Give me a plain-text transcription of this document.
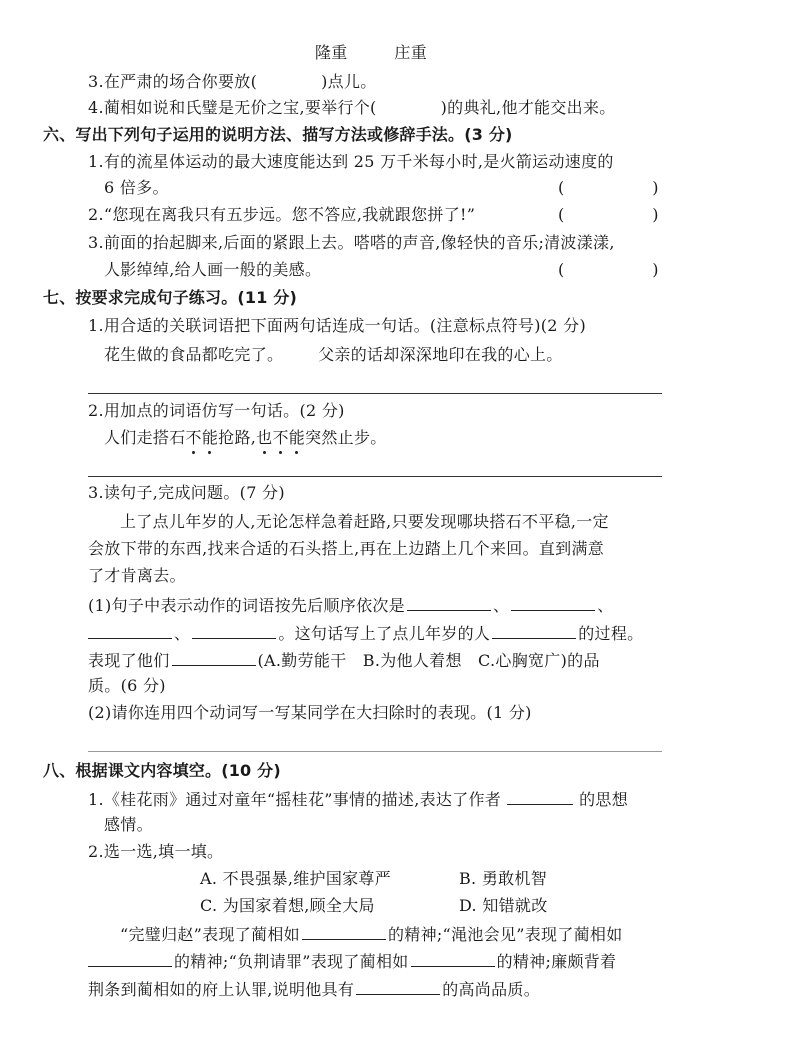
隆重	庄重
3.在严肃的场合你要放(	)点儿。
4.蔺相如说和氏璧是无价之宝,要举行个(	)的典礼,他才能交出来。
六、写出下列句子运用的说明方法、描写方法或修辞手法。(3 分)
1.有的流星体运动的最大速度能达到 25 万千米每小时,是火箭运动速度的
6 倍多。	(	)
2.“您现在离我只有五步远。您不答应,我就跟您拼了!”	(	)
3.前面的抬起脚来,后面的紧跟上去。嗒嗒的声音,像轻快的音乐;清波漾漾,
人影绰绰,给人画一般的美感。	(	)
七、按要求完成句子练习。(11 分)
1.用合适的关联词语把下面两句话连成一句话。(注意标点符号)(2 分)
花生做的食品都吃完了。 父亲的话却深深地印在我的心上。
2.用加点的词语仿写一句话。(2 分)
人们走搭石不能抢路,也不能突然止步。
3.读句子,完成问题。(7 分)
上了点儿年岁的人,无论怎样急着赶路,只要发现哪块搭石不平稳,一定
会放下带的东西,找来合适的石头搭上,再在上边踏上几个来回。直到满意
了才肯离去。
(1)句子中表示动作的词语按先后顺序依次是	、	、
、	。这句话写上了点儿年岁的人	的过程。
表现了他们	(A.勤劳能干　B.为他人着想　C.心胸宽广)的品
质。(6 分)
(2)请你连用四个动词写一写某同学在大扫除时的表现。(1 分)
八、根据课文内容填空。(10 分)
1.《桂花雨》通过对童年“摇桂花”事情的描述,表达了作者	的思想
感情。
2.选一选,填一填。
A. 不畏强暴,维护国家尊严	B. 勇敢机智
C. 为国家着想,顾全大局	D. 知错就改
“完璧归赵”表现了蔺相如	的精神;“渑池会见”表现了蔺相如
的精神;“负荆请罪”表现了蔺相如	的精神;廉颇背着
荆条到蔺相如的府上认罪,说明他具有	的高尚品质。
